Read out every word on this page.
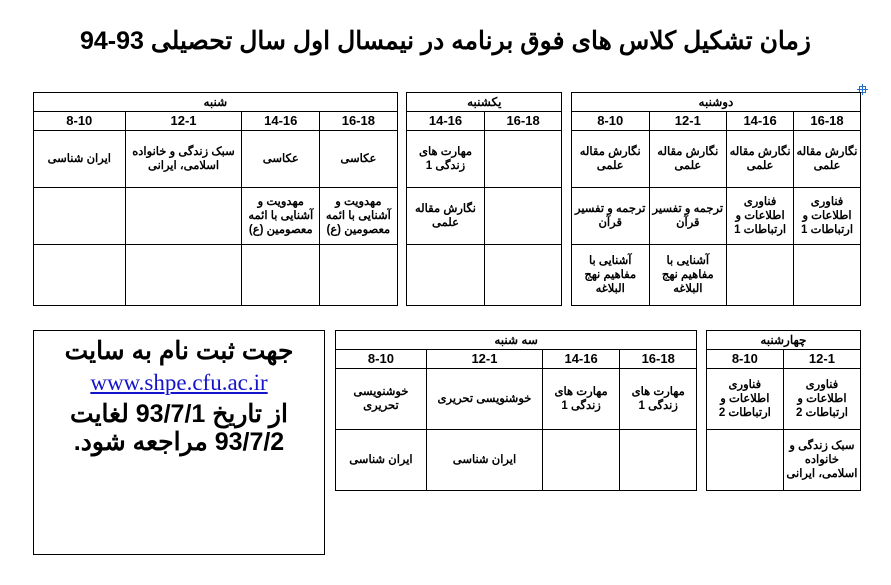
زمان تشکیل کلاس های فوق برنامه در نیمسال اول سال تحصیلی 93-94
دوشنبه					یکشنبه			شنبه			
16-18	14-16	12-1	8-10		16-18	14-16		16-18	14-16	12-1	8-10
نگارش مقاله علمی	نگارش مقاله علمی	نگارش مقاله علمی	نگارش مقاله علمی			مهارت های زندگی 1		عکاسی	عکاسی	سبک زندگی و خانواده اسلامی، ایرانی	ایران شناسی
فناوری اطلاعات و ارتباطات 1	فناوری اطلاعات و ارتباطات 1	ترجمه و تفسیر قرآن	ترجمه و تفسیر قرآن			نگارش مقاله علمی		مهدویت و آشنایی با ائمه معصومین (ع)	مهدویت و آشنایی با ائمه معصومین (ع)		
		آشنایی با مفاهیم نهج البلاغه	آشنایی با مفاهیم نهج البلاغه								
جهت ثبت نام به سایت
www.shpe.cfu.ac.ir
از تاریخ 93/7/1 لغایت
93/7/2 مراجعه شود.
چهارشنبه			سه شنبه			
12-1	8-10		16-18	14-16	12-1	8-10
فناوری اطلاعات و ارتباطات 2	فناوری اطلاعات و ارتباطات 2		مهارت های زندگی 1	مهارت های زندگی 1	خوشنویسی تحریری	خوشنویسی تحریری
سبک زندگی و خانواده اسلامی، ایرانی					ایران شناسی	ایران شناسی
